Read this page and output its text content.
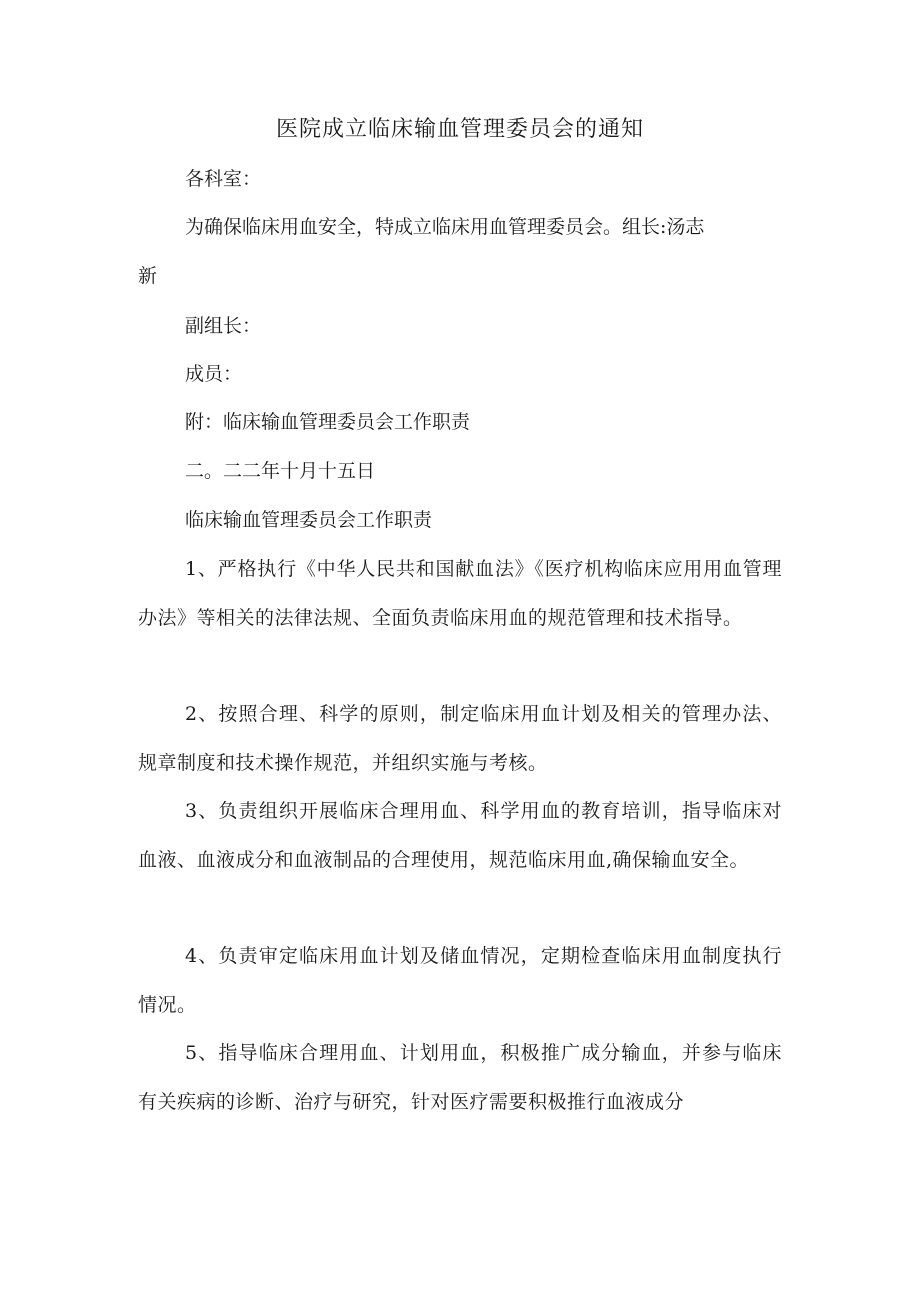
医院成立临床输血管理委员会的通知
各科室：
为确保临床用血安全，特成立临床用血管理委员会。组长:汤志
新
副组长：
成员：
附：临床输血管理委员会工作职责
二。二二年十月十五日
临床输血管理委员会工作职责
1、严格执行《中华人民共和国献血法》《医疗机构临床应用用血管理办法》等相关的法律法规、全面负责临床用血的规范管理和技术指导。
2、按照合理、科学的原则，制定临床用血计划及相关的管理办法、规章制度和技术操作规范，并组织实施与考核。
3、负责组织开展临床合理用血、科学用血的教育培训，指导临床对血液、血液成分和血液制品的合理使用，规范临床用血,确保输血安全。
4、负责审定临床用血计划及储血情况，定期检查临床用血制度执行情况。
5、指导临床合理用血、计划用血，积极推广成分输血，并参与临床有关疾病的诊断、治疗与研究，针对医疗需要积极推行血液成分
